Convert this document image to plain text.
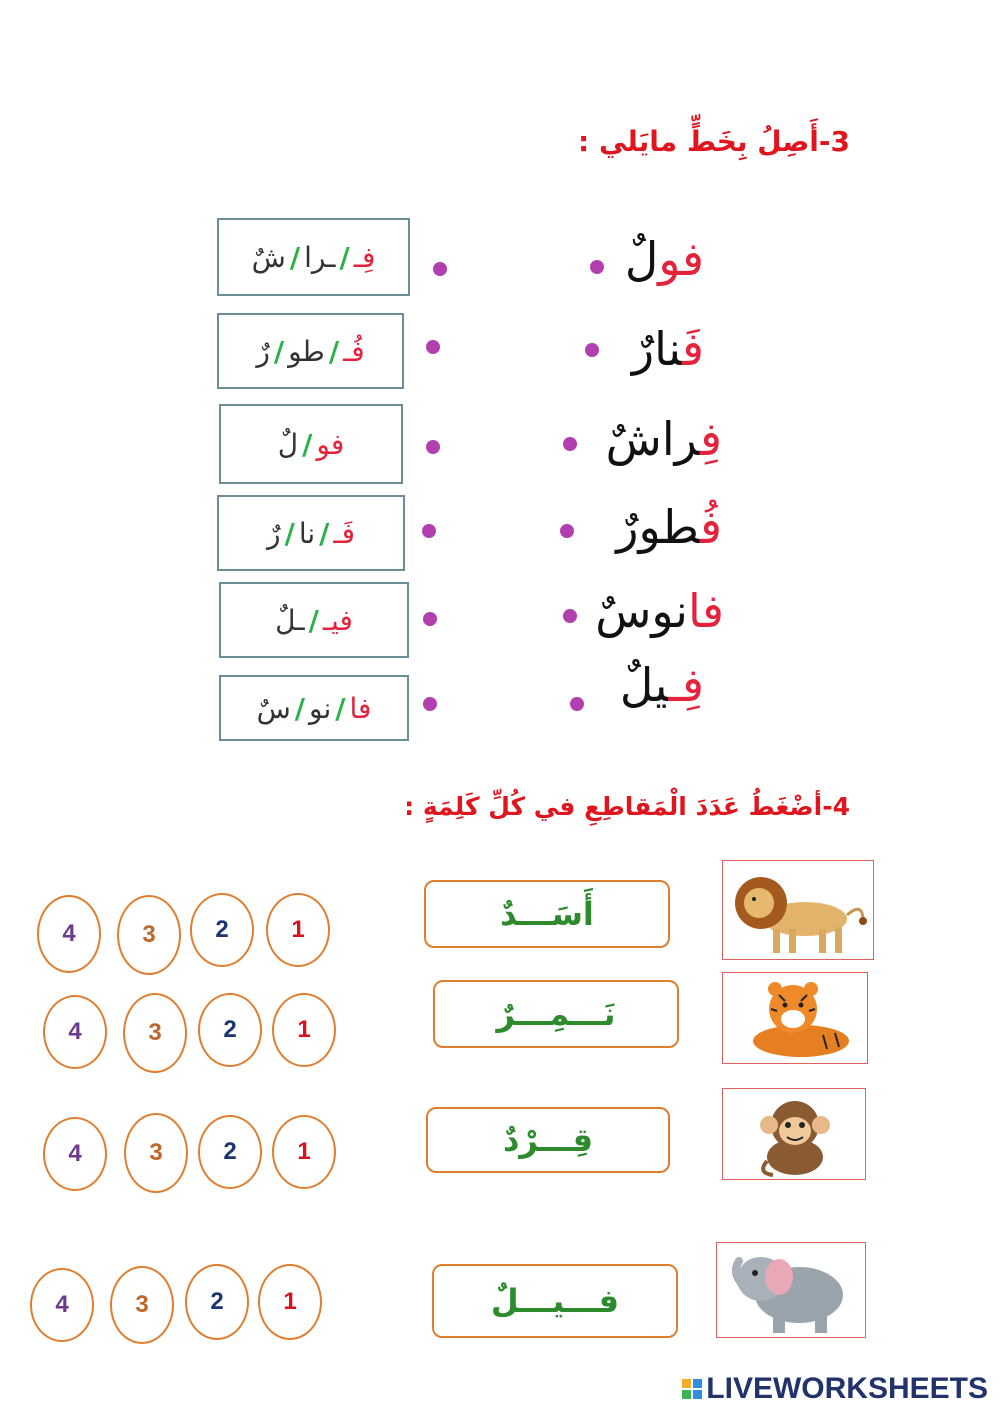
3-أَصِلُ بِخَطٍّ مايَلي :
فولٌ
فَنارٌ
فِراشٌ
فُطورٌ
فانوسٌ
فِـيلٌ
فِـ
/
ـرا
/
شٌ
فُـ
/
طو
/
رٌ
فو
/
لٌ
فَـ
/
نا
/
رٌ
فيـ
/
ـلٌ
فا
/
نو
/
سٌ
4-أضْغَطُ عَدَدَ الْمَقاطِعِ في كُلِّ كَلِمَةٍ :
أَسَـــدٌ
1
2
3
4
نَـــمِـــرٌ
1
2
3
4
قِـــرْدٌ
1
2
3
4
فـــيـــلٌ
1
2
3
4
LIVEWORKSHEETS
